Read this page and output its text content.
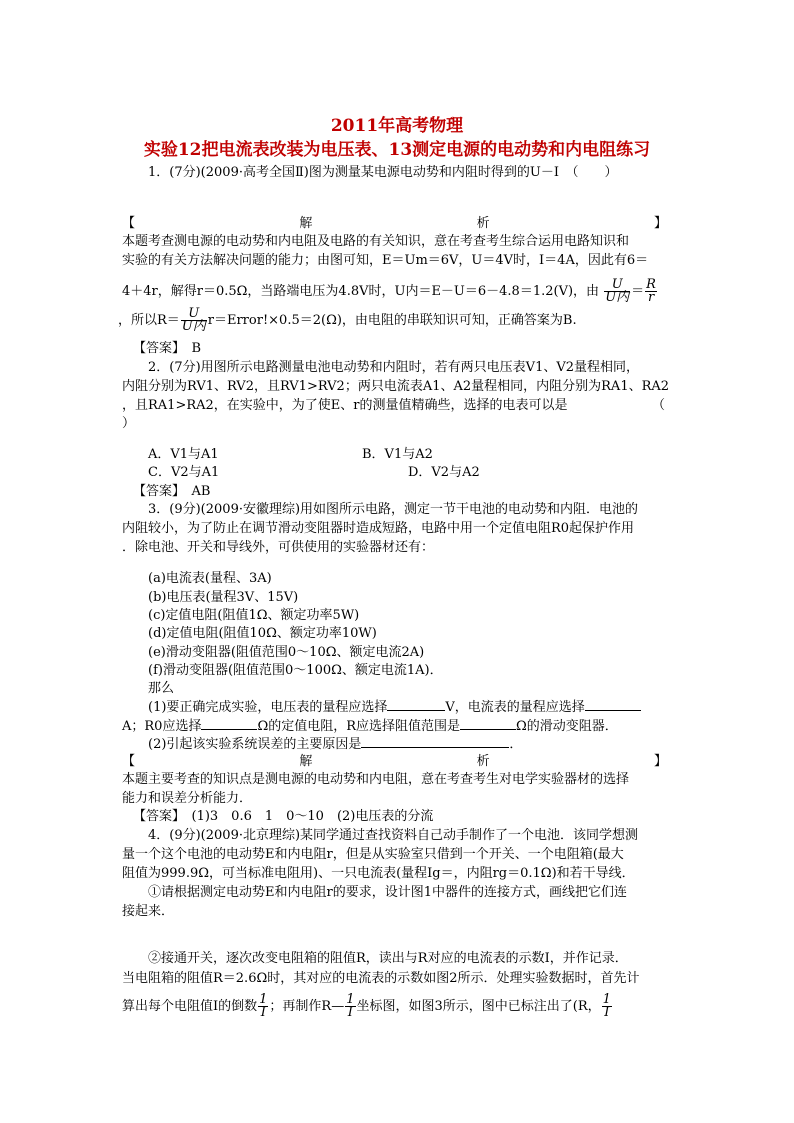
2011年高考物理
实验12把电流表改装为电压表、13测定电源的电动势和内电阻练习
1．(7分)(2009·高考全国Ⅱ)图为测量某电源电动势和内阻时得到的U－I　（　　）
【	解	析	】
本题考查测电源的电动势和内电阻及电路的有关知识，意在考查考生综合运用电路知识和
实验的有关方法解决问题的能力；由图可知，E＝Um＝6V，U＝4V时，I＝4A，因此有6＝
4＋4r，解得r＝0.5Ω，当路端电压为4.8V时，U内＝E－U＝6－4.8＝1.2(V)，由 $\frac{U}{\text{U内}} = \frac{R}{r}$
，所以$R= \frac{U}{\text{U内}}$ r＝Error!×0.5＝2(Ω)，由电阻的串联知识可知，正确答案为B.
【答案】　B
2．(7分)用图所示电路测量电池电动势和内阻时，若有两只电压表V1、V2量程相同，
内阻分别为RV1、RV2，且RV1>RV2；两只电流表A1、A2量程相同，内阻分别为RA1、RA2
，且RA1>RA2，在实验中，为了使E、r的测量值精确些，选择的电表可以是	（
）
A．V1与A1	B．V1与A2
C．V2与A1	D．V2与A2
【答案】　AB
3．(9分)(2009·安徽理综)用如图所示电路，测定一节干电池的电动势和内阻．电池的
内阻较小，为了防止在调节滑动变阻器时造成短路，电路中用一个定值电阻R0起保护作用
．除电池、开关和导线外，可供使用的实验器材还有：
(a)电流表(量程、3A)
(b)电压表(量程3V、15V)
(c)定值电阻(阻值1Ω、额定功率5W)
(d)定值电阻(阻值10Ω、额定功率10W)
(e)滑动变阻器(阻值范围0～10Ω、额定电流2A)
(f)滑动变阻器(阻值范围0～100Ω、额定电流1A)．
那么
(1)要正确完成实验，电压表的量程应选择	V，电流表的量程应选择
A；R0应选择	Ω的定值电阻，R应选择阻值范围是	Ω的滑动变阻器．
(2)引起该实验系统误差的主要原因是	．
【	解	析	】
本题主要考查的知识点是测电源的电动势和内电阻，意在考查考生对电学实验器材的选择
能力和误差分析能力．
【答案】　(1)3　0.6　1　0～10　(2)电压表的分流
4．(9分)(2009·北京理综)某同学通过查找资料自己动手制作了一个电池．该同学想测
量一个这个电池的电动势E和内电阻r，但是从实验室只借到一个开关、一个电阻箱(最大
阻值为999.9Ω，可当标准电阻用)、一只电流表(量程Ig＝，内阻rg＝0.1Ω)和若干导线．
①请根据测定电动势E和内电阻r的要求，设计图1中器件的连接方式，画线把它们连
接起来．
②接通开关，逐次改变电阻箱的阻值R，读出与R对应的电流表的示数I，并作记录．
当电阻箱的阻值R＝2.6Ω时，其对应的电流表的示数如图2所示．处理实验数据时，首先计
算出每个电阻值I的倒数 $\frac{1}{I}$ ；再制作R— $\frac{1}{I}$ 坐标图，如图3所示，图中已标注出了(R， $\frac{1}{I}$
